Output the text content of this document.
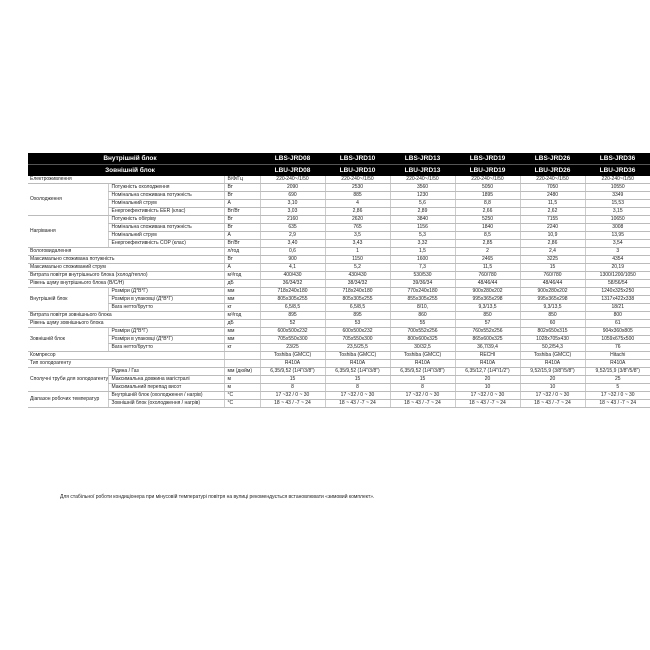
Внутрішній блок			LBS-JRD08	LBS-JRD10	LBS-JRD13	LBS-JRD19	LBS-JRD26	LBS-JRD36
Зовнішній блок			LBU-JRD08	LBU-JRD10	LBU-JRD13	LBU-JRD19	LBU-JRD26	LBU-JRD36
Електроживлення		В/Ф/Гц	220-240~/1/50	220-240~/1/50	220-240~/1/50	220-240~/1/50	220-240~/1/50	220-240~/1/50
Охолодження	Потужність охолодження	Вт	2090	2530	3560	5050	7050	10550
	Номінальна споживана потужність	Вт	690	885	1230	1895	2480	3349
	Номінальний струм	А	3,10	4	5,6	8,8	11,5	15,53
	Енергоефективність EER (клас)	Вт/Вт	3,03	2,86	2,89	2,66	2,62	3,15
Нагрівання	Потужність обігріву	Вт	2160	2620	3840	5250	7155	10650
	Номінальна споживана потужність	Вт	635	765	1156	1840	2240	3008
	Номінальний струм	А	2,9	3,5	5,3	8,5	10,9	13,95
	Енергоефективність COP (клас)	Вт/Вт	3,40	3,43	3,32	2,85	2,86	3,54
Вологовидалення		л/год	0,6	1	1,5	2	2,4	3
Максимально споживана потужність		Вт	900	1150	1600	2465	3225	4354
Максимально споживаний струм		А	4,1	5,2	7,3	11,5	15	20,19
Витрата повітря внутрішнього блока (холод/тепло)		м³/год	400/430	430/430	530/530	760/780	760/780	1300/1200/1050
Рівень шуму внутрішнього блока (В/С/Н)		дБ	36/34/32	38/34/32	39/36/34	48/46/44	48/46/44	58/56/54
Внутрішній блок	Розміри (Д*В*Г)	мм	718x240x180	718x240x180	770x240x180	900x280x202	900x280x202	1240x325x250
	Розміри в упаковці (Д*В*Г)	мм	805x305x255	805x305x255	855x305x255	995x365x298	995x365x298	1317x422x338
	Вага нетто/брутто	кг	6,5/8,5	6,5/8,5	8/10,	9,3/13,5	9,3/13,5	18/21
Витрата повітря зовнішнього блока		м³/год	895	895	860	850	850	800
Рівень шуму зовнішнього блока		дБ	52	53	55	57	60	61
Зовнішній блок	Розміри (Д*В*Г)	мм	600x500x232	600x500x232	700x552x256	760x552x256	802x650x315	904x360x805
	Розміри в упаковці (Д*В*Г)	мм	705x550x300	705x550x300	800x600x325	865x600x325	1028x705x430	1059x675x500
	Вага нетто/брутто	кг	23/25	23,5/25,5	30/32,5	36,7/39,4	50,2/54,3	76
Компресор			Toshiba (GMCC)	Toshiba (GMCC)	Toshiba (GMCC)	RECHI	Toshiba (GMCC)	Hitachi
Тип холодоагенту			R410A	R410A	R410A	R410A	R410A	R410A
Сполучні труби для холодоагенту	Рідина / Газ	мм (дюйм)	6,35/9,52 (1/4"/3/8")	6,35/9,52 (1/4"/3/8")	6,35/9,52 (1/4"/3/8")	6,35/12,7 (1/4"/1/2")	9,52/15,9 (3/8"/5/8")	9,52/15,9 (3/8"/5/8")
	Максимальна довжина магістралі	м	15	15	15	20	20	25
	Максимальний перепад висот	м	8	8	8	10	10	5
Діапазон робочих температур	Внутрішній блок (охолодження / нагрів)	°C	17 ~32 / 0 ~ 30	17 ~32 / 0 ~ 30	17 ~32 / 0 ~ 30	17 ~32 / 0 ~ 30	17 ~32 / 0 ~ 30	17 ~32 / 0 ~ 30
	Зовнішній блок (охолодження / нагрів)	°C	18 ~ 43 / -7 ~ 24	18 ~ 43 / -7 ~ 24	18 ~ 43 / -7 ~ 24	18 ~ 43 / -7 ~ 24	18 ~ 43 / -7 ~ 24	18 ~ 43 / -7 ~ 24
Для стабільної роботи кондиціонера при мінусовій температурі повітря на вулиці рекомендується встановлювати «зимовий комплект».
